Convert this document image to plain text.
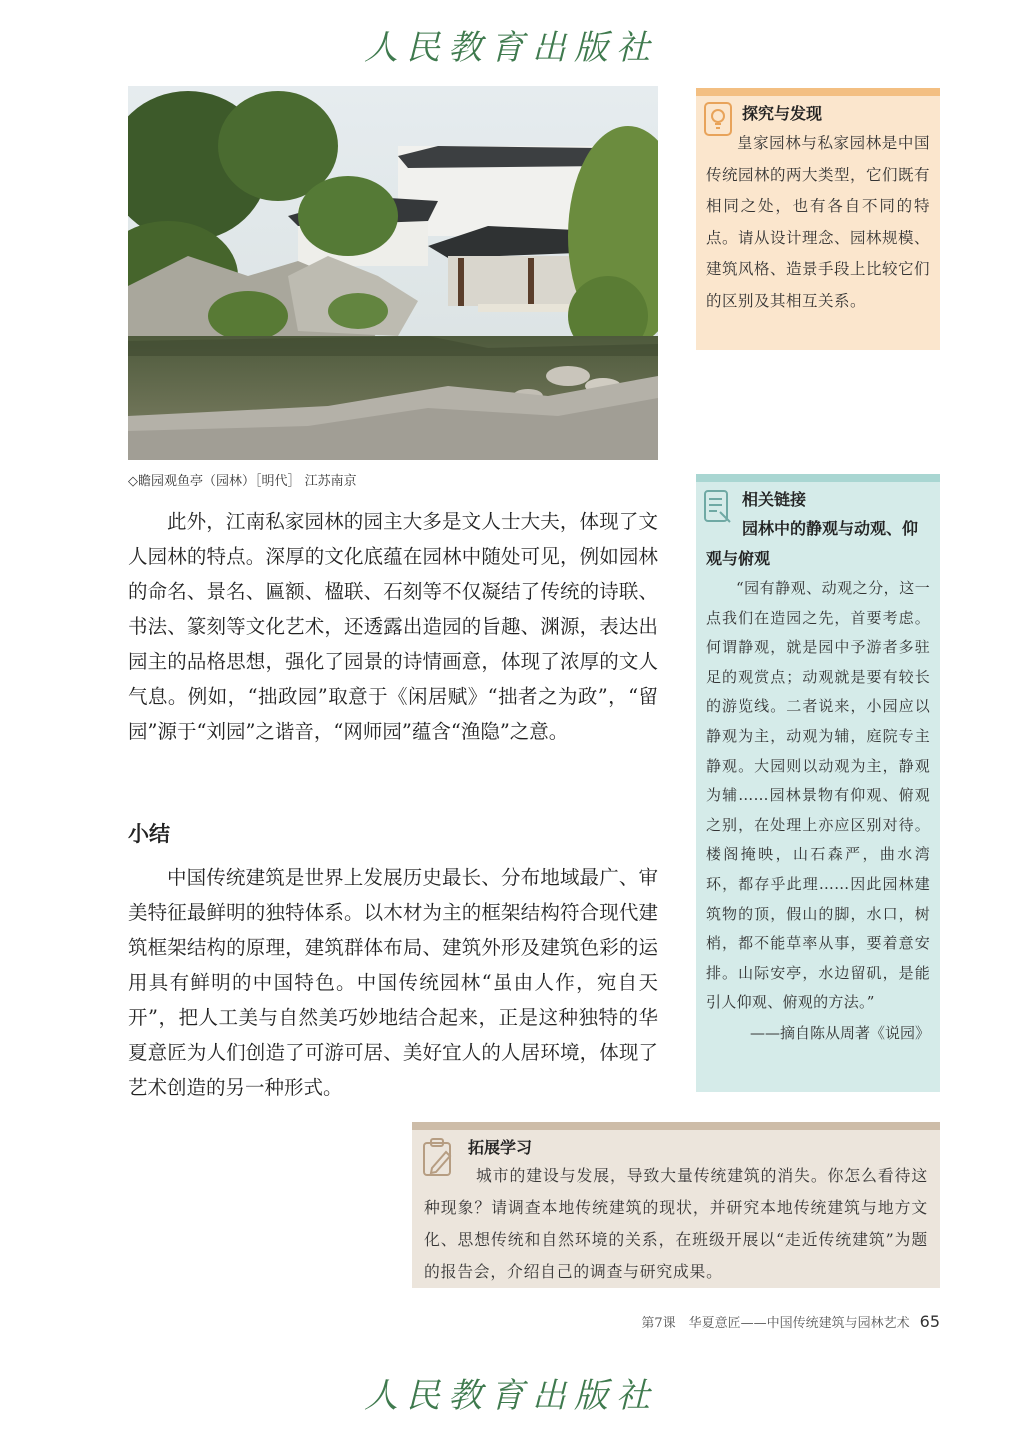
人民教育出版社
◇瞻园观鱼亭（园林）［明代］ 江苏南京

此外，江南私家园林的园主大多是文人士大夫，体现了文人园林的特点。深厚的文化底蕴在园林中随处可见，例如园林的命名、景名、匾额、楹联、石刻等不仅凝结了传统的诗联、书法、篆刻等文化艺术，还透露出造园的旨趣、渊源，表达出园主的品格思想，强化了园景的诗情画意，体现了浓厚的文人气息。例如，“拙政园”取意于《闲居赋》“拙者之为政”，“留园”源于“刘园”之谐音，“网师园”蕴含“渔隐”之意。

小结

中国传统建筑是世界上发展历史最长、分布地域最广、审美特征最鲜明的独特体系。以木材为主的框架结构符合现代建筑框架结构的原理，建筑群体布局、建筑外形及建筑色彩的运用具有鲜明的中国特色。中国传统园林“虽由人作，宛自天开”，把人工美与自然美巧妙地结合起来，正是这种独特的华夏意匠为人们创造了可游可居、美好宜人的人居环境，体现了艺术创造的另一种形式。

探究与发现
皇家园林与私家园林是中国传统园林的两大类型，它们既有相同之处，也有各自不同的特点。请从设计理念、园林规模、建筑风格、造景手段上比较它们的区别及其相互关系。
相关链接
园林中的静观与动观、仰观与俯观
“园有静观、动观之分，这一点我们在造园之先，首要考虑。何谓静观，就是园中予游者多驻足的观赏点；动观就是要有较长的游览线。二者说来，小园应以静观为主，动观为辅，庭院专主静观。大园则以动观为主，静观为辅……园林景物有仰观、俯观之别，在处理上亦应区别对待。楼阁掩映，山石森严，曲水湾环，都存乎此理……因此园林建筑物的顶，假山的脚，水口，树梢，都不能草率从事，要着意安排。山际安亭，水边留矶，是能引人仰观、俯观的方法。”
——摘自陈从周著《说园》
拓展学习
城市的建设与发展，导致大量传统建筑的消失。你怎么看待这种现象？请调查本地传统建筑的现状，并研究本地传统建筑与地方文化、思想传统和自然环境的关系，在班级开展以“走近传统建筑”为题的报告会，介绍自己的调查与研究成果。
第7课　华夏意匠——中国传统建筑与园林艺术 65
人民教育出版社
